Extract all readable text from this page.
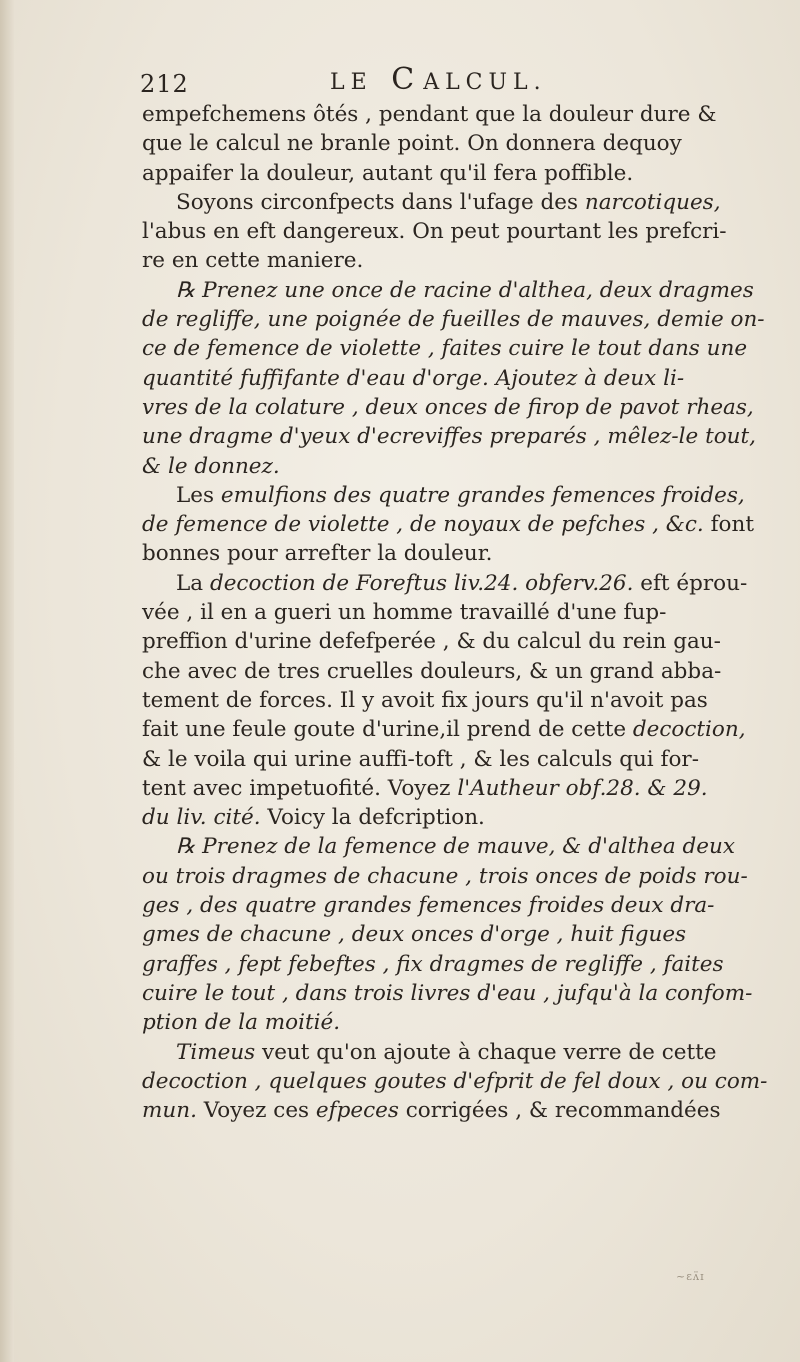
212	LE CALCUL.
empefchemens ôtés , pendant que la douleur dure &
que le calcul ne branle point. On donnera dequoy
appaifer la douleur, autant qu'il fera poffible.
Soyons circonfpects dans l'ufage des narcotiques,
l'abus en eft dangereux. On peut pourtant les prefcri-
re en cette maniere.
℞ Prenez une once de racine d'althea, deux dragmes
de regliffe, une poignée de fueilles de mauves, demie on-
ce de femence de violette , faites cuire le tout dans une
quantité fuffifante d'eau d'orge. Ajoutez à deux li-
vres de la colature , deux onces de firop de pavot rheas,
une dragme d'yeux d'ecreviffes preparés , mêlez-le tout,
& le donnez.
Les emulfions des quatre grandes femences froides,
de femence de violette , de noyaux de pefches , &c. font
bonnes pour arrefter la douleur.
La decoction de Foreftus liv.24. obferv.26. eft éprou-
vée , il en a gueri un homme travaillé d'une fup-
preffion d'urine defefperée , & du calcul du rein gau-
che avec de tres cruelles douleurs, & un grand abba-
tement de forces. Il y avoit fix jours qu'il n'avoit pas
fait une feule goute d'urine,il prend de cette decoction,
& le voila qui urine auffi-toft , & les calculs qui for-
tent avec impetuofité. Voyez l'Autheur obf.28. & 29.
du liv. cité. Voicy la defcription.
℞ Prenez de la femence de mauve, & d'althea deux
ou trois dragmes de chacune , trois onces de poids rou-
ges , des quatre grandes femences froides deux dra-
gmes de chacune , deux onces d'orge , huit figues
graffes , fept febeftes , fix dragmes de regliffe , faites
cuire le tout , dans trois livres d'eau , jufqu'à la confom-
ption de la moitié.
Timeus veut qu'on ajoute à chaque verre de cette
decoction , quelques goutes d'efprit de fel doux , ou com-
mun. Voyez ces efpeces corrigées , & recommandées
~ɛᴧ̈ɪ
